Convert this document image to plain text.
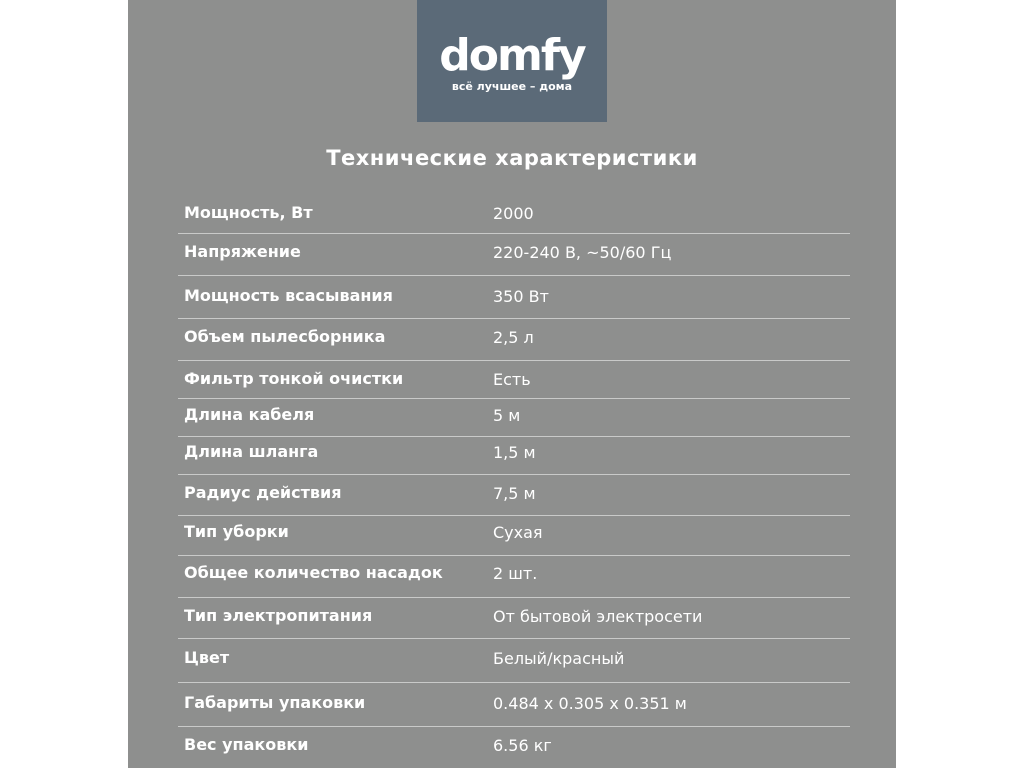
domfy
всё лучшее – дома
Технические характеристики
Мощность, Вт	2000
Напряжение	220-240 В, ~50/60 Гц
Мощность всасывания	350 Вт
Объем пылесборника	2,5 л
Фильтр тонкой очистки	Есть
Длина кабеля	5 м
Длина шланга	1,5 м
Радиус действия	7,5 м
Тип уборки	Сухая
Общее количество насадок	2 шт.
Тип электропитания	От бытовой электросети
Цвет	Белый/красный
Габариты упаковки	0.484 x 0.305 x 0.351 м
Вес упаковки	6.56 кг
